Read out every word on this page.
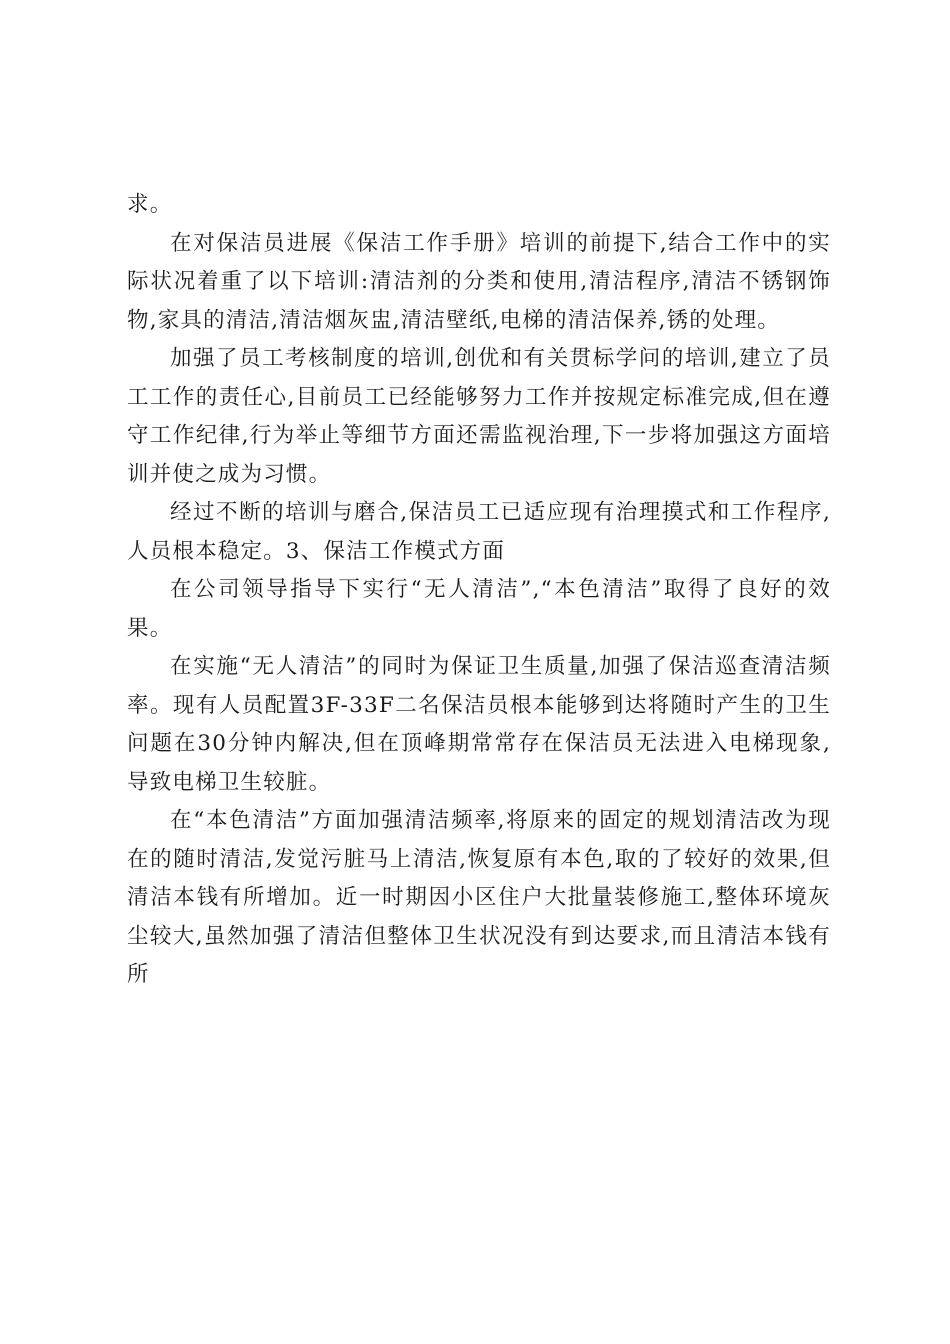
求。

在对保洁员进展《保洁工作手册》培训的前提下,结合工作中的实际状况着重了以下培训:清洁剂的分类和使用,清洁程序,清洁不锈钢饰物,家具的清洁,清洁烟灰盅,清洁壁纸,电梯的清洁保养,锈的处理。

加强了员工考核制度的培训,创优和有关贯标学问的培训,建立了员工工作的责任心,目前员工已经能够努力工作并按规定标准完成,但在遵守工作纪律,行为举止等细节方面还需监视治理,下一步将加强这方面培训并使之成为习惯。

经过不断的培训与磨合,保洁员工已适应现有治理摸式和工作程序,人员根本稳定。3、保洁工作模式方面

在公司领导指导下实行“无人清洁”,“本色清洁”取得了良好的效果。

在实施“无人清洁”的同时为保证卫生质量,加强了保洁巡查清洁频率。现有人员配置3F-33F二名保洁员根本能够到达将随时产生的卫生问题在30分钟内解决,但在顶峰期常常存在保洁员无法进入电梯现象,导致电梯卫生较脏。

在“本色清洁”方面加强清洁频率,将原来的固定的规划清洁改为现在的随时清洁,发觉污脏马上清洁,恢复原有本色,取的了较好的效果,但清洁本钱有所增加。近一时期因小区住户大批量装修施工,整体环境灰尘较大,虽然加强了清洁但整体卫生状况没有到达要求,而且清洁本钱有所
